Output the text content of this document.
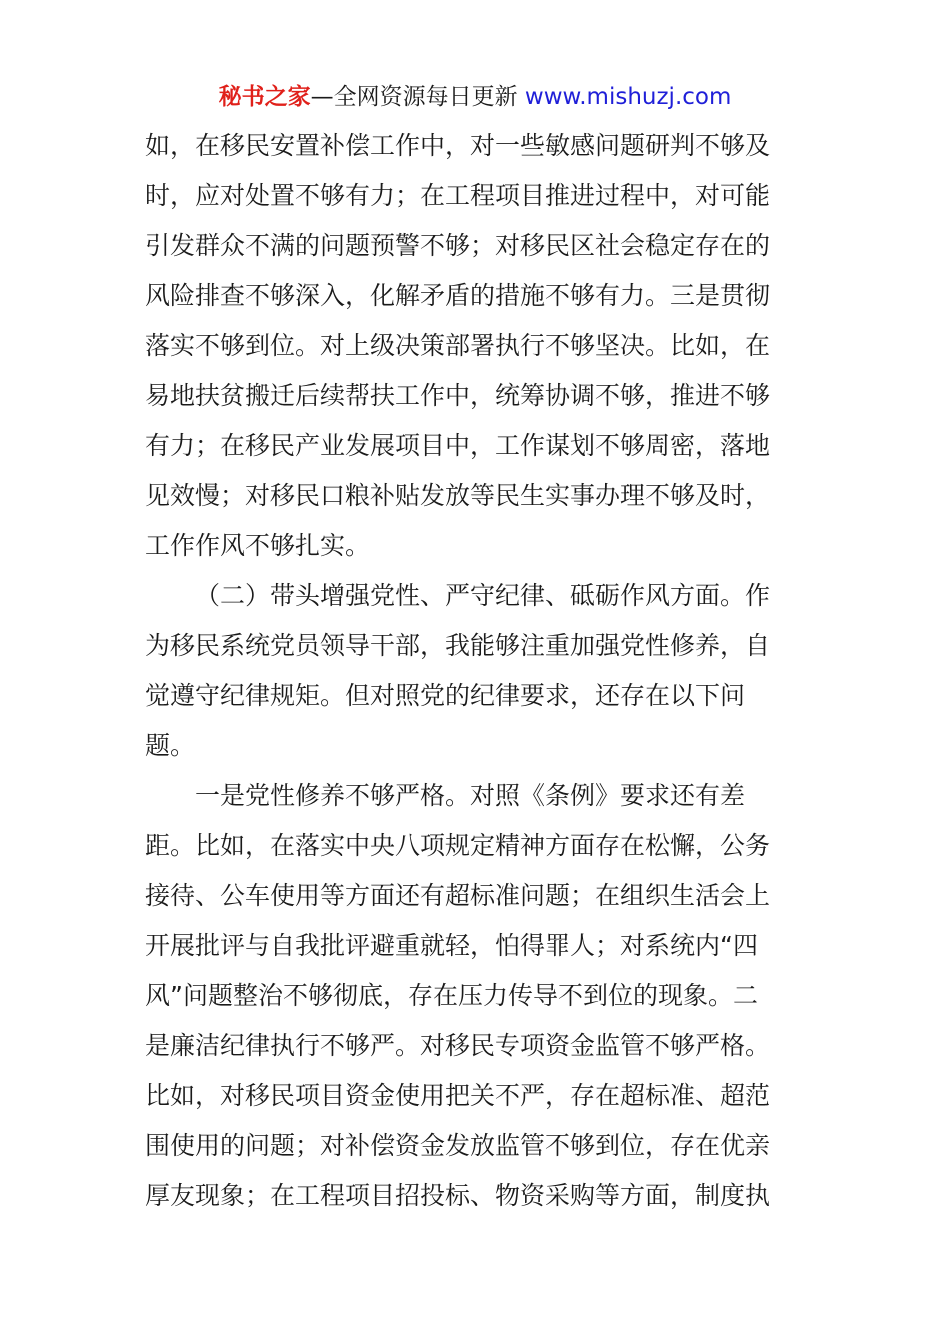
秘书之家—全网资源每日更新 www.mishuzj.com
如，在移民安置补偿工作中，对一些敏感问题研判不够及
时，应对处置不够有力；在工程项目推进过程中，对可能
引发群众不满的问题预警不够；对移民区社会稳定存在的
风险排查不够深入，化解矛盾的措施不够有力。三是贯彻
落实不够到位。对上级决策部署执行不够坚决。比如，在
易地扶贫搬迁后续帮扶工作中，统筹协调不够，推进不够
有力；在移民产业发展项目中，工作谋划不够周密，落地
见效慢；对移民口粮补贴发放等民生实事办理不够及时，
工作作风不够扎实。
（二）带头增强党性、严守纪律、砥砺作风方面。作
为移民系统党员领导干部，我能够注重加强党性修养，自
觉遵守纪律规矩。但对照党的纪律要求，还存在以下问
题。
一是党性修养不够严格。对照《条例》要求还有差
距。比如，在落实中央八项规定精神方面存在松懈，公务
接待、公车使用等方面还有超标准问题；在组织生活会上
开展批评与自我批评避重就轻，怕得罪人；对系统内“四
风”问题整治不够彻底，存在压力传导不到位的现象。二
是廉洁纪律执行不够严。对移民专项资金监管不够严格。
比如，对移民项目资金使用把关不严，存在超标准、超范
围使用的问题；对补偿资金发放监管不够到位，存在优亲
厚友现象；在工程项目招投标、物资采购等方面，制度执
